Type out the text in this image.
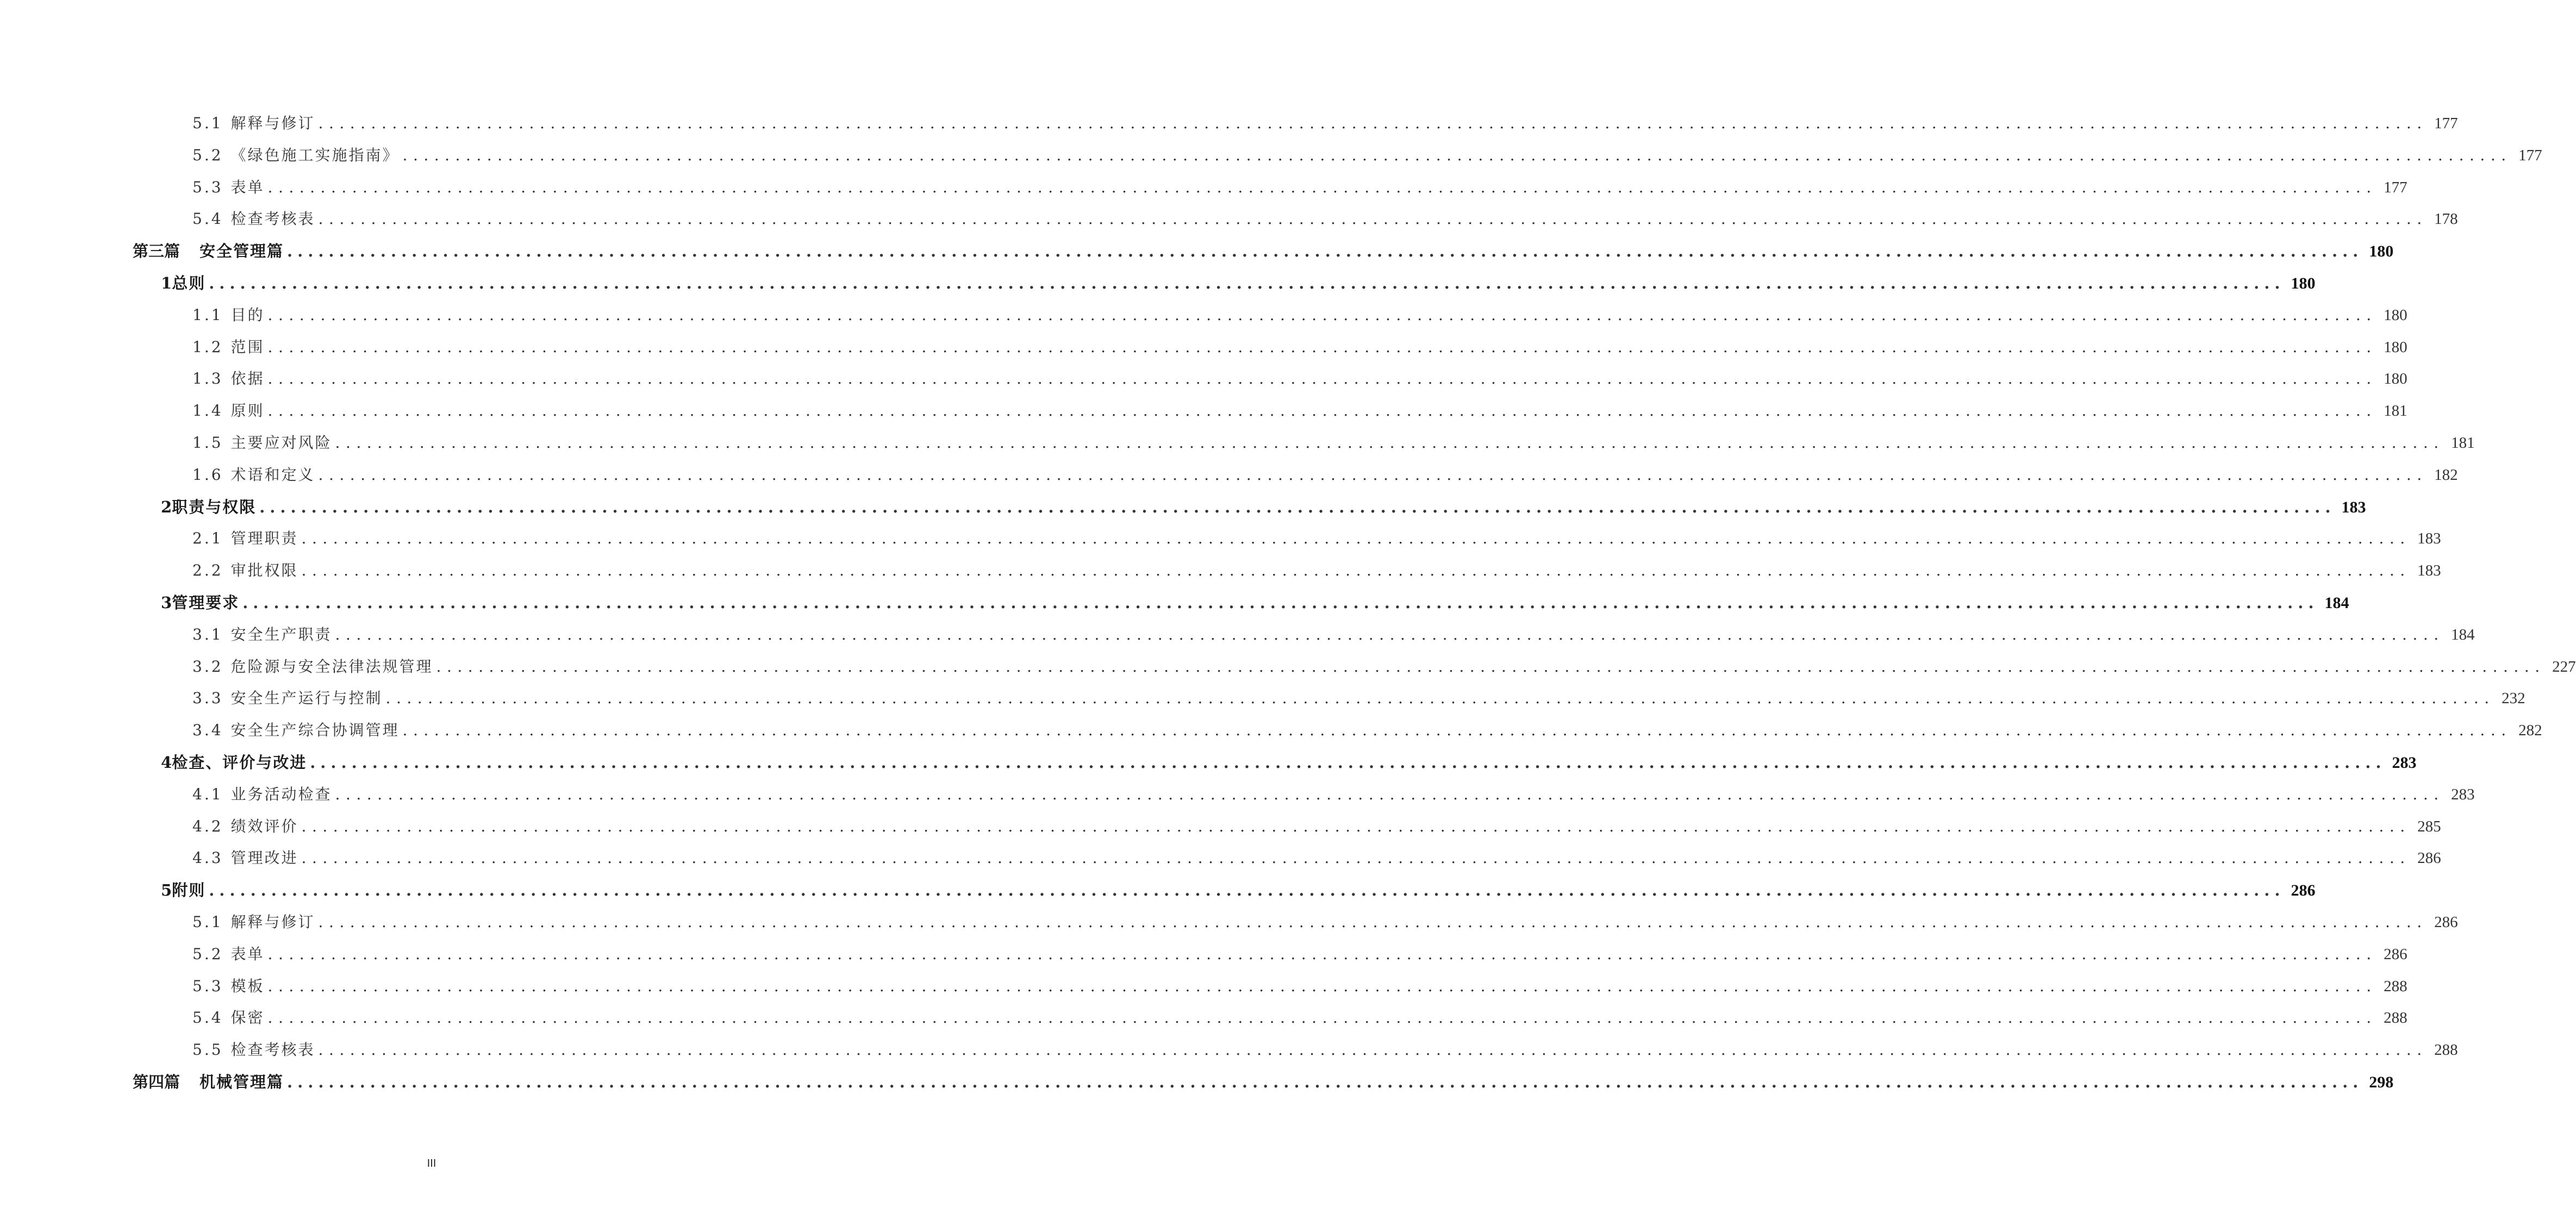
5.1 解释与修订 ........................................................................................................................................................................................................ 177
5.2 《绿色施工实施指南》 ........................................................................................................................................................................................................ 177
5.3 表单 ........................................................................................................................................................................................................ 177
5.4 检查考核表 ........................................................................................................................................................................................................ 178
第三篇 安全管理篇 ........................................................................................................................................................................................................ 180
1 总则 ........................................................................................................................................................................................................ 180
1.1 目的 ........................................................................................................................................................................................................ 180
1.2 范围 ........................................................................................................................................................................................................ 180
1.3 依据 ........................................................................................................................................................................................................ 180
1.4 原则 ........................................................................................................................................................................................................ 181
1.5 主要应对风险 ........................................................................................................................................................................................................ 181
1.6 术语和定义 ........................................................................................................................................................................................................ 182
2 职责与权限 ........................................................................................................................................................................................................ 183
2.1 管理职责 ........................................................................................................................................................................................................ 183
2.2 审批权限 ........................................................................................................................................................................................................ 183
3 管理要求 ........................................................................................................................................................................................................ 184
3.1 安全生产职责 ........................................................................................................................................................................................................ 184
3.2 危险源与安全法律法规管理 ........................................................................................................................................................................................................ 227
3.3 安全生产运行与控制 ........................................................................................................................................................................................................ 232
3.4 安全生产综合协调管理 ........................................................................................................................................................................................................ 282
4 检查、评价与改进 ........................................................................................................................................................................................................ 283
4.1 业务活动检查 ........................................................................................................................................................................................................ 283
4.2 绩效评价 ........................................................................................................................................................................................................ 285
4.3 管理改进 ........................................................................................................................................................................................................ 286
5 附则 ........................................................................................................................................................................................................ 286
5.1 解释与修订 ........................................................................................................................................................................................................ 286
5.2 表单 ........................................................................................................................................................................................................ 286
5.3 模板 ........................................................................................................................................................................................................ 288
5.4 保密 ........................................................................................................................................................................................................ 288
5.5 检查考核表 ........................................................................................................................................................................................................ 288
第四篇 机械管理篇 ........................................................................................................................................................................................................ 298
III
